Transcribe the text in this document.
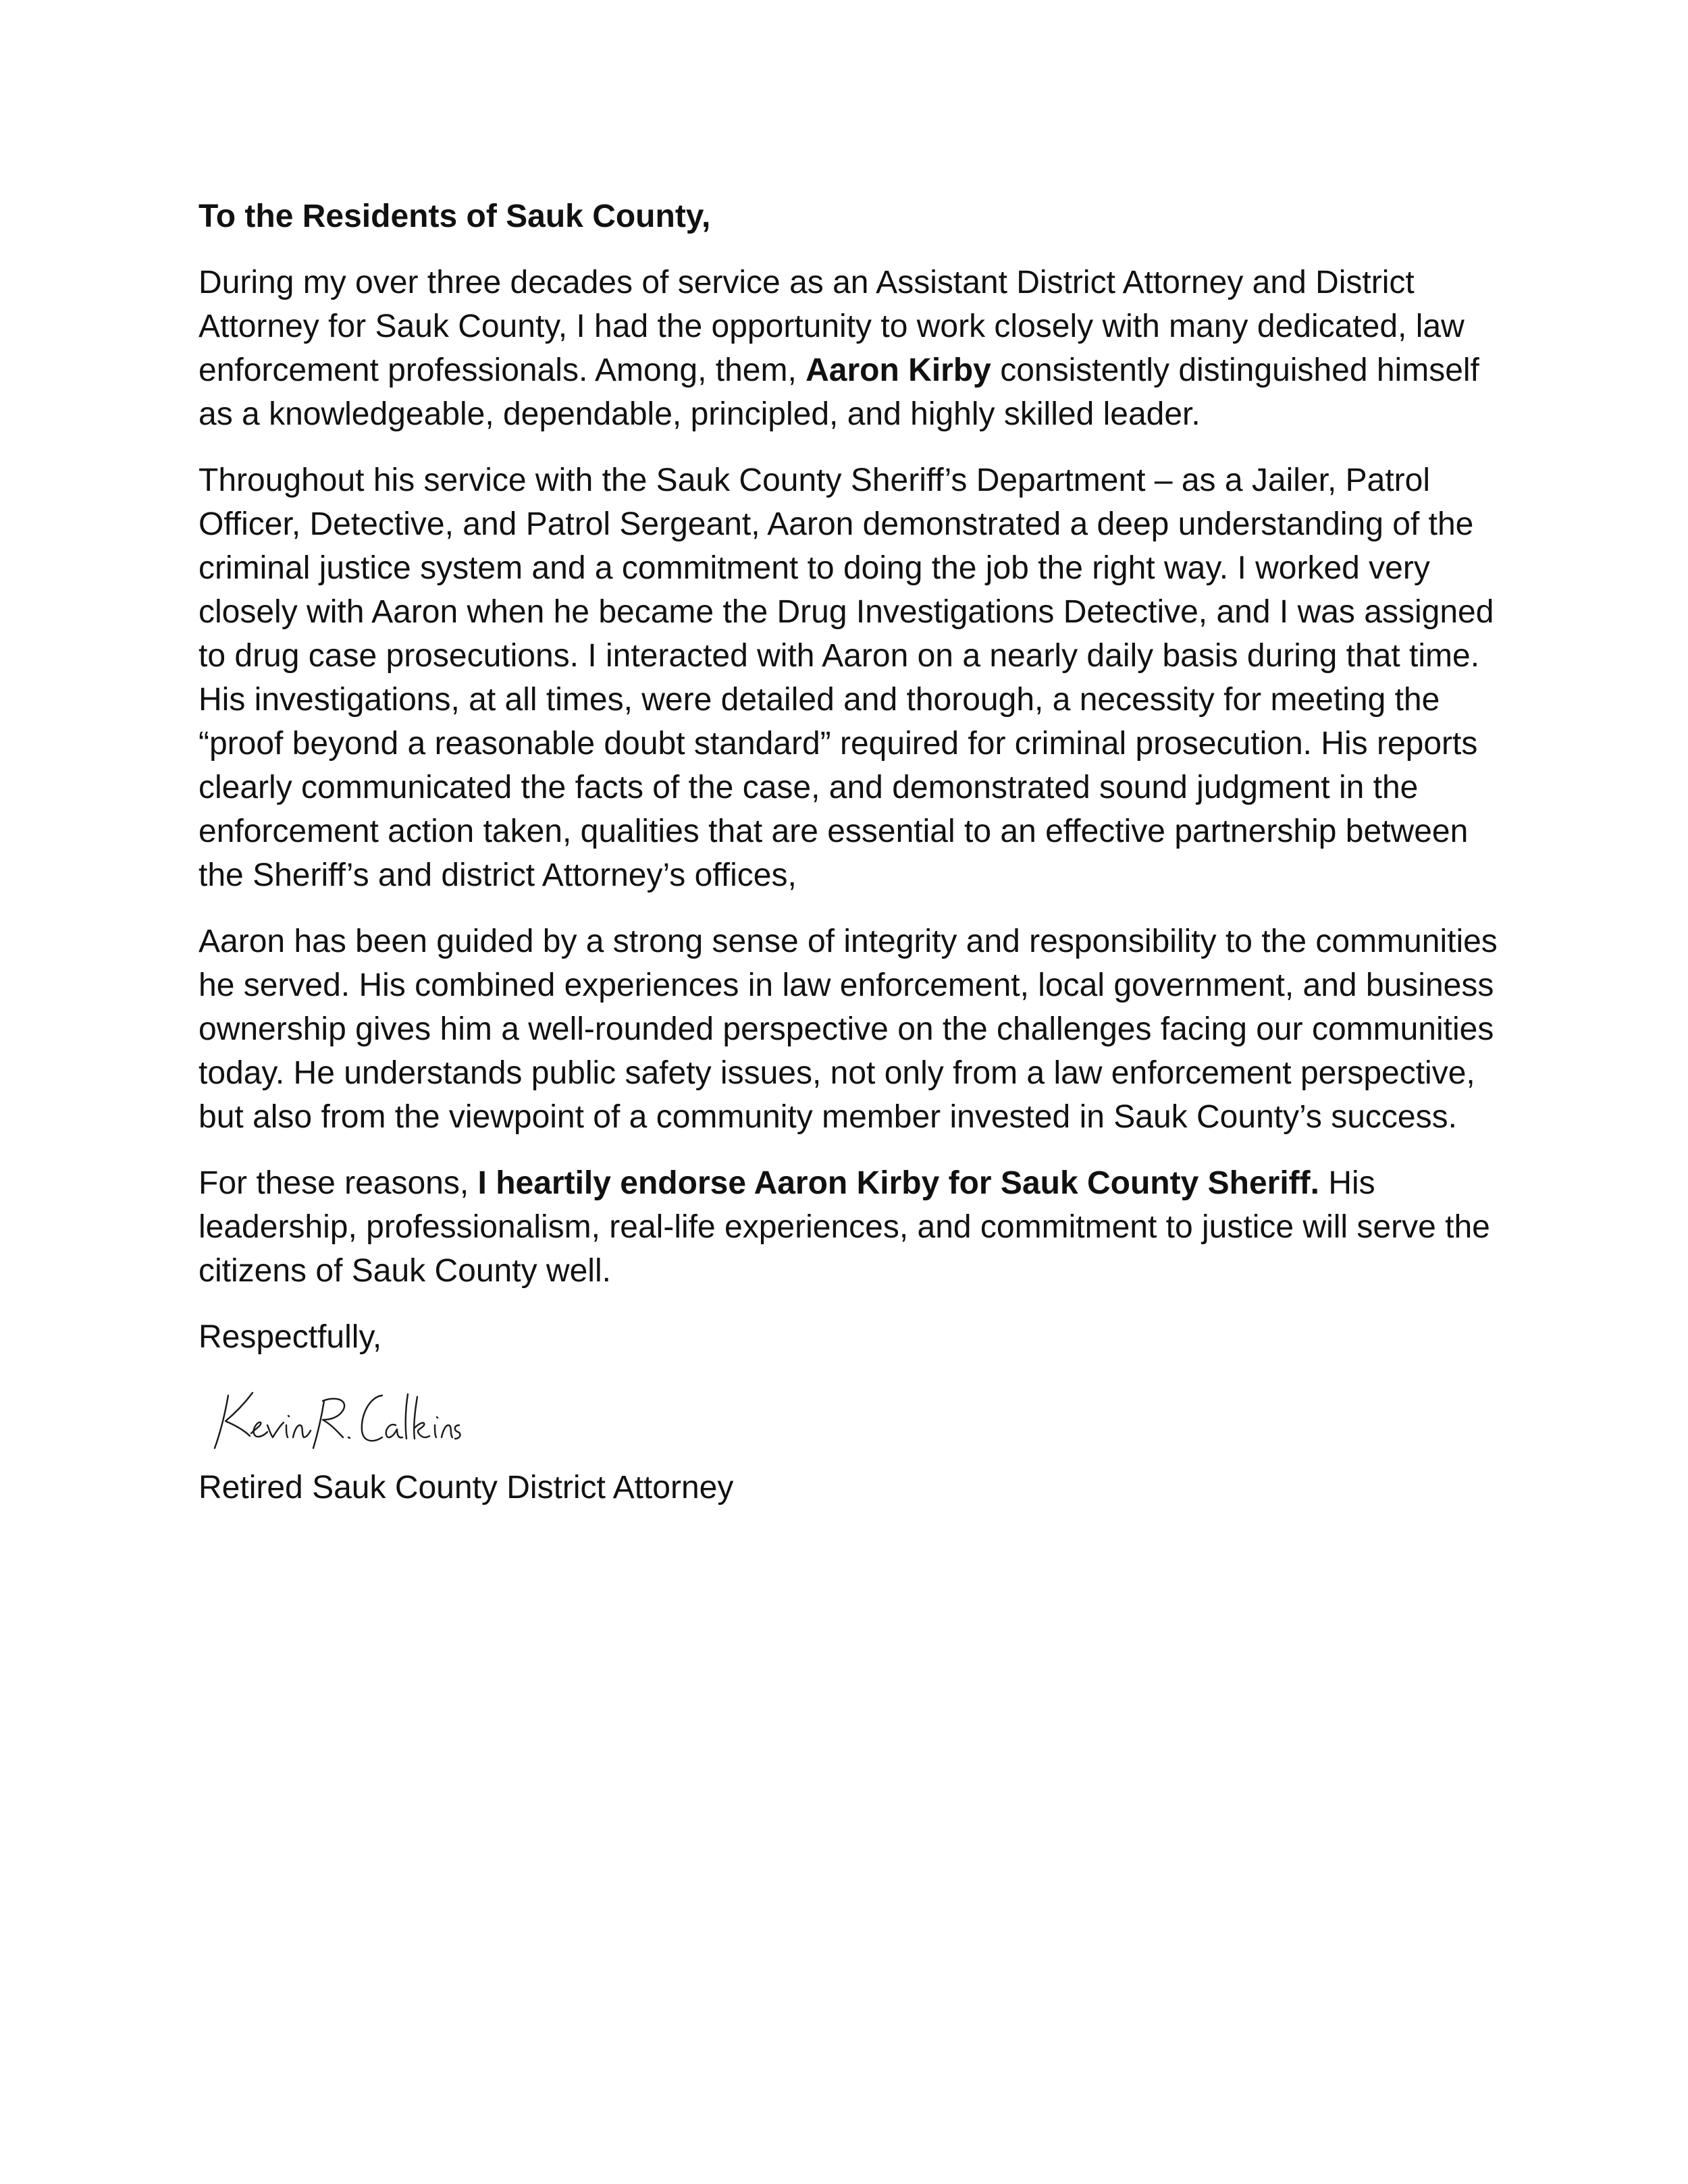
To the Residents of Sauk County,

During my over three decades of service as an Assistant District Attorney and District Attorney for Sauk County, I had the opportunity to work closely with many dedicated, law enforcement professionals. Among, them, Aaron Kirby consistently distinguished himself as a knowledgeable, dependable, principled, and highly skilled leader.

Throughout his service with the Sauk County Sheriff’s Department – as a Jailer, Patrol Officer, Detective, and Patrol Sergeant, Aaron demonstrated a deep understanding of the criminal justice system and a commitment to doing the job the right way. I worked very closely with Aaron when he became the Drug Investigations Detective, and I was assigned to drug case prosecutions. I interacted with Aaron on a nearly daily basis during that time. His investigations, at all times, were detailed and thorough, a necessity for meeting the “proof beyond a reasonable doubt standard” required for criminal prosecution. His reports clearly communicated the facts of the case, and demonstrated sound judgment in the enforcement action taken, qualities that are essential to an effective partnership between the Sheriff’s and district Attorney’s offices,

Aaron has been guided by a strong sense of integrity and responsibility to the communities he served. His combined experiences in law enforcement, local government, and business ownership gives him a well-rounded perspective on the challenges facing our communities today. He understands public safety issues, not only from a law enforcement perspective, but also from the viewpoint of a community member invested in Sauk County’s success.

For these reasons, I heartily endorse Aaron Kirby for Sauk County Sheriff. His leadership, professionalism, real-life experiences, and commitment to justice will serve the citizens of Sauk County well.

Respectfully,

Retired Sauk County District Attorney
